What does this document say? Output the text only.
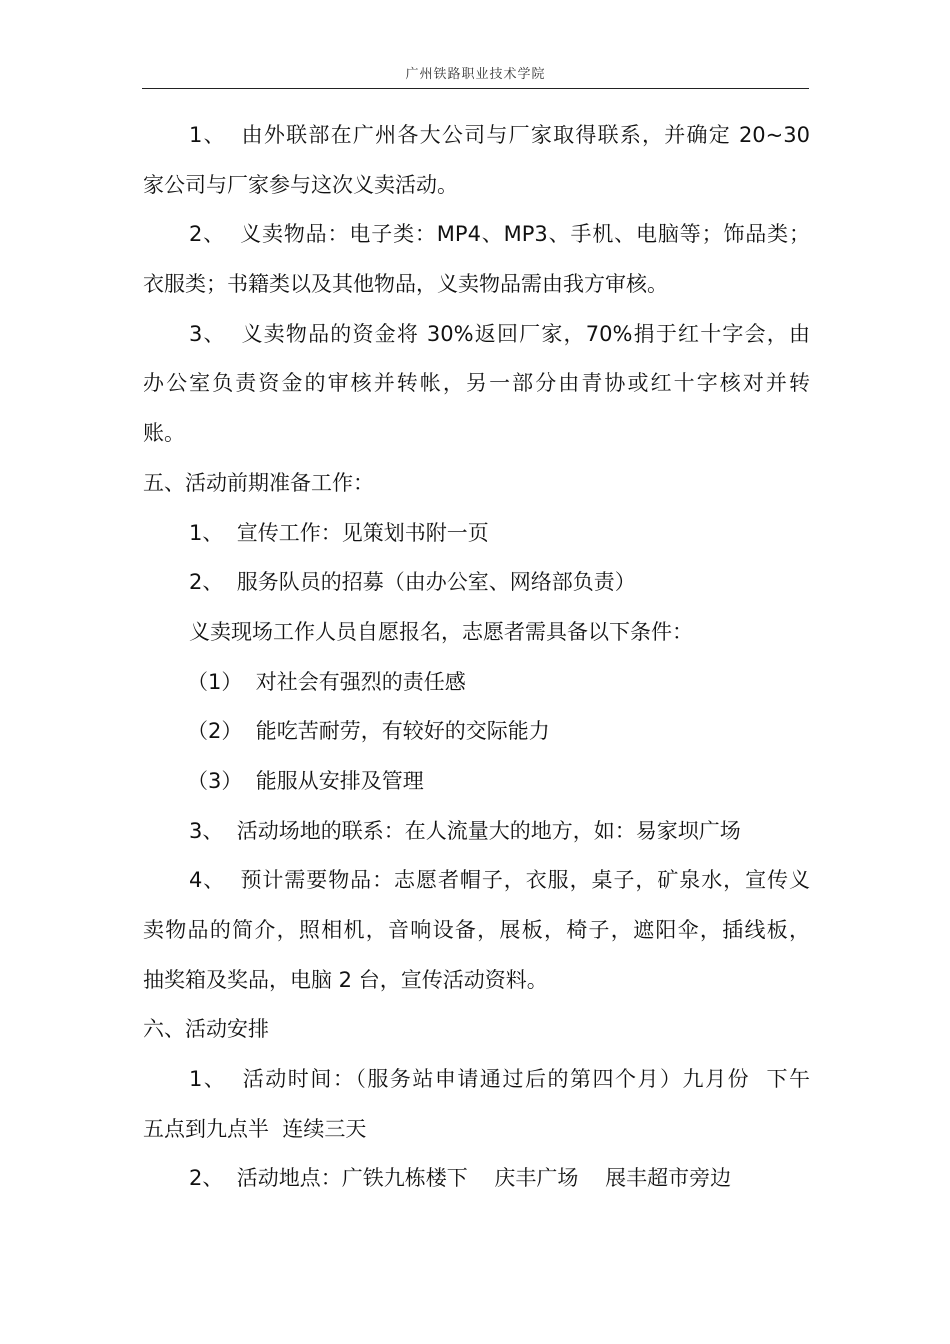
广州铁路职业技术学院
1、  由外联部在广州各大公司与厂家取得联系，并确定 20~30
家公司与厂家参与这次义卖活动。
2、  义卖物品：电子类：MP4、MP3、手机、电脑等；饰品类；
衣服类；书籍类以及其他物品，义卖物品需由我方审核。
3、  义卖物品的资金将 30%返回厂家，70%捐于红十字会，由
办公室负责资金的审核并转帐，另一部分由青协或红十字核对并转
账。
五、活动前期准备工作：
1、  宣传工作：见策划书附一页
2、  服务队员的招募（由办公室、网络部负责）
义卖现场工作人员自愿报名，志愿者需具备以下条件：
（1）  对社会有强烈的责任感
（2）  能吃苦耐劳，有较好的交际能力
（3）  能服从安排及管理
3、  活动场地的联系：在人流量大的地方，如：易家坝广场
4、  预计需要物品：志愿者帽子，衣服，桌子，矿泉水，宣传义
卖物品的简介，照相机，音响设备，展板，椅子，遮阳伞，插线板，
抽奖箱及奖品，电脑 2 台，宣传活动资料。
六、活动安排
1、  活动时间：（服务站申请通过后的第四个月）九月份  下午
五点到九点半  连续三天
2、  活动地点：广铁九栋楼下    庆丰广场    展丰超市旁边
